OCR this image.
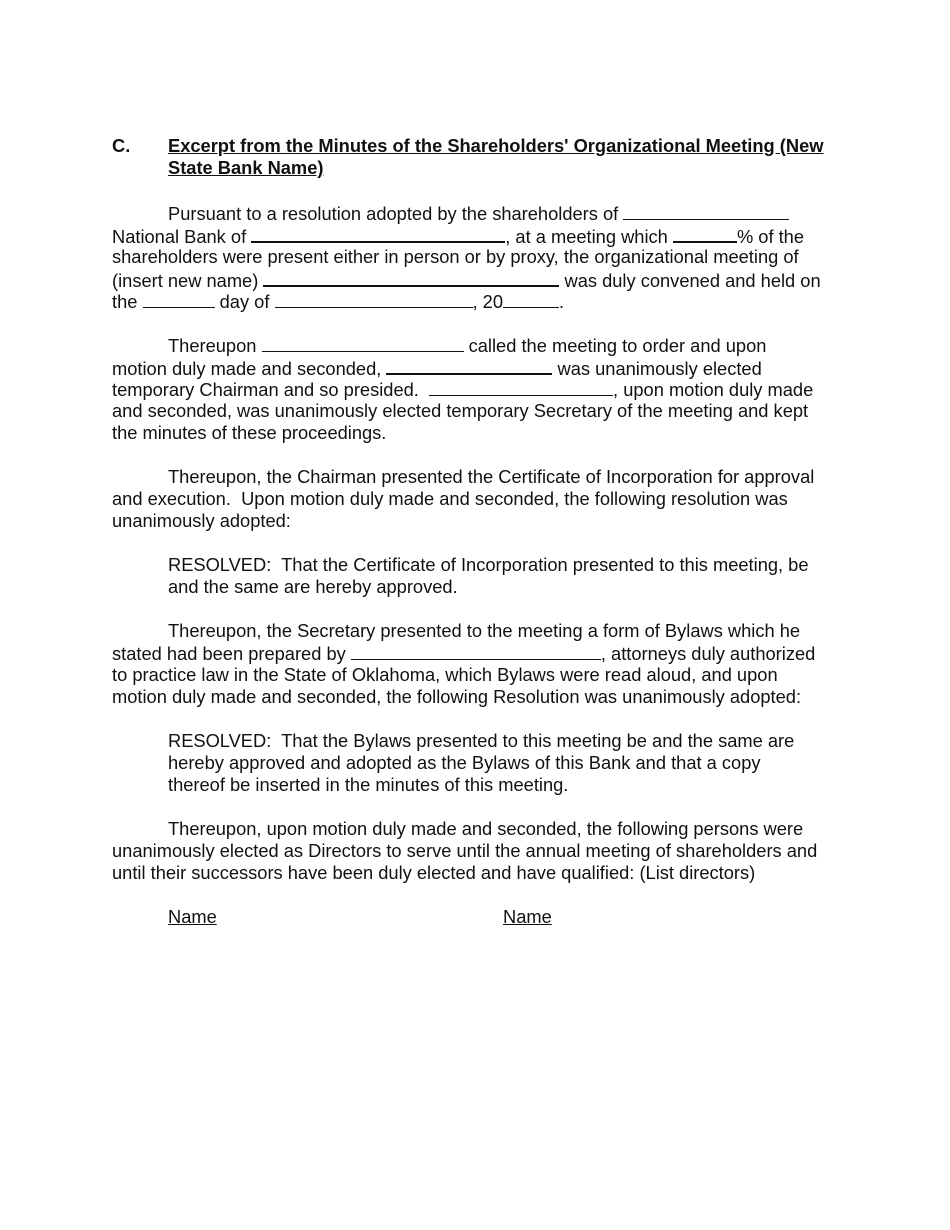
C. Excerpt from the Minutes of the Shareholders' Organizational Meeting (New
State Bank Name)
Pursuant to a resolution adopted by the shareholders of
National Bank of	, at a meeting which	% of the
shareholders were present either in person or by proxy, the organizational meeting of
(insert new name)	was duly convened and held on
the	day of	, 20	.
Thereupon	called the meeting to order and upon
motion duly made and seconded,	was unanimously elected
temporary Chairman and so presided.	, upon motion duly made
and seconded, was unanimously elected temporary Secretary of the meeting and kept
the minutes of these proceedings.
Thereupon, the Chairman presented the Certificate of Incorporation for approval
and execution.  Upon motion duly made and seconded, the following resolution was
unanimously adopted:
RESOLVED:  That the Certificate of Incorporation presented to this meeting, be
and the same are hereby approved.
Thereupon, the Secretary presented to the meeting a form of Bylaws which he
stated had been prepared by	, attorneys duly authorized
to practice law in the State of Oklahoma, which Bylaws were read aloud, and upon
motion duly made and seconded, the following Resolution was unanimously adopted:
RESOLVED:  That the Bylaws presented to this meeting be and the same are
hereby approved and adopted as the Bylaws of this Bank and that a copy
thereof be inserted in the minutes of this meeting.
Thereupon, upon motion duly made and seconded, the following persons were
unanimously elected as Directors to serve until the annual meeting of shareholders and
until their successors have been duly elected and have qualified: (List directors)
Name	Name
